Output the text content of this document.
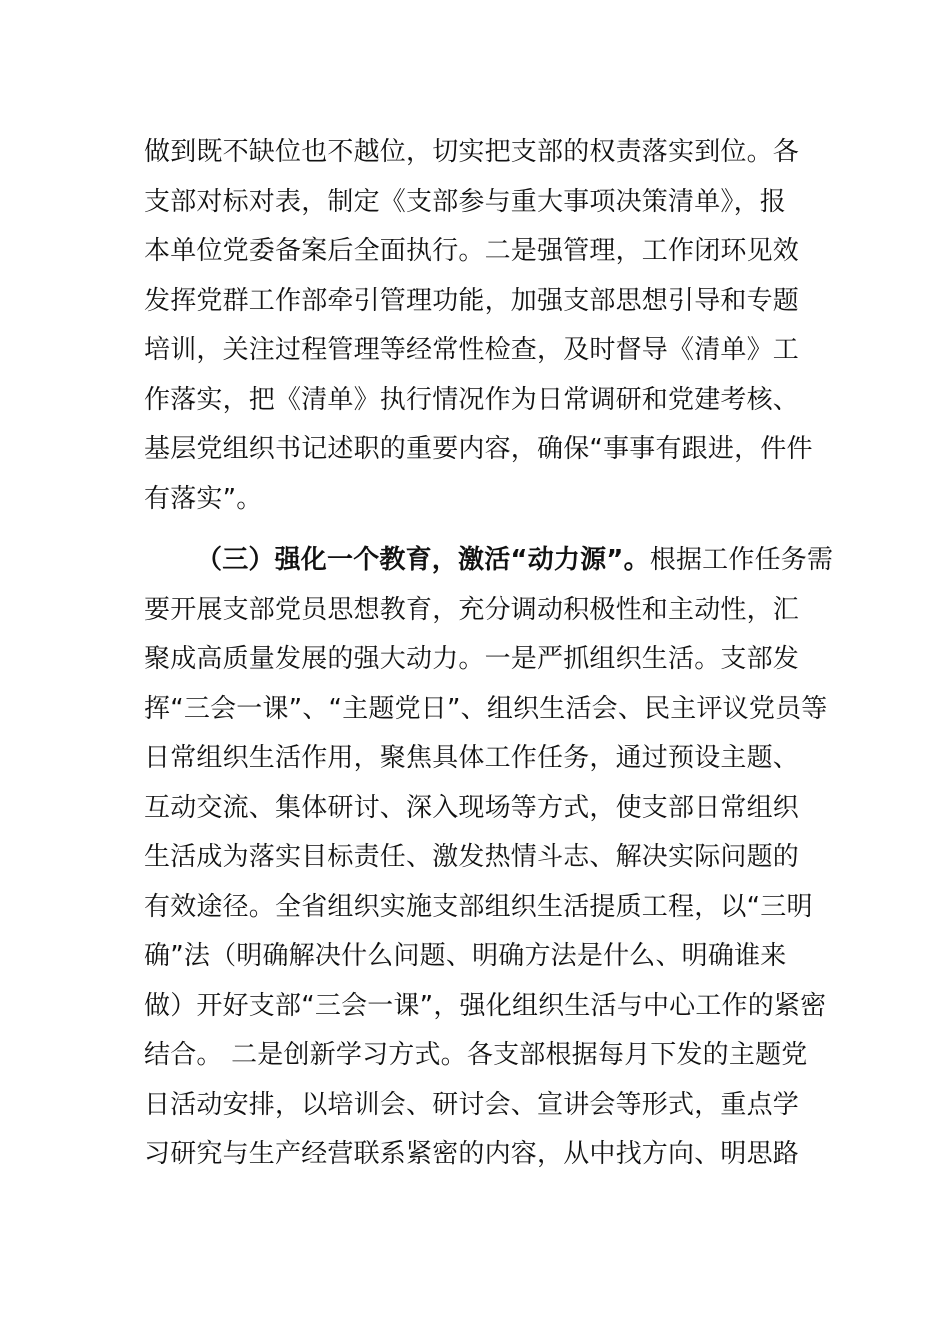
做到既不缺位也不越位，切实把支部的权责落实到位。各
支部对标对表，制定《支部参与重大事项决策清单》，报
本单位党委备案后全面执行。二是强管理，工作闭环见效
发挥党群工作部牵引管理功能，加强支部思想引导和专题
培训，关注过程管理等经常性检查，及时督导《清单》工
作落实，把《清单》执行情况作为日常调研和党建考核、
基层党组织书记述职的重要内容，确保“事事有跟进，件件
有落实”。
（三）强化一个教育，激活“动力源”。根据工作任务需
要开展支部党员思想教育，充分调动积极性和主动性，汇
聚成高质量发展的强大动力。一是严抓组织生活。支部发
挥“三会一课”、“主题党日”、组织生活会、民主评议党员等
日常组织生活作用，聚焦具体工作任务，通过预设主题、
互动交流、集体研讨、深入现场等方式，使支部日常组织
生活成为落实目标责任、激发热情斗志、解决实际问题的
有效途径。全省组织实施支部组织生活提质工程，以“三明
确”法（明确解决什么问题、明确方法是什么、明确谁来
做）开好支部“三会一课”，强化组织生活与中心工作的紧密
结合。 二是创新学习方式。各支部根据每月下发的主题党
日活动安排，以培训会、研讨会、宣讲会等形式，重点学
习研究与生产经营联系紧密的内容，从中找方向、明思路
